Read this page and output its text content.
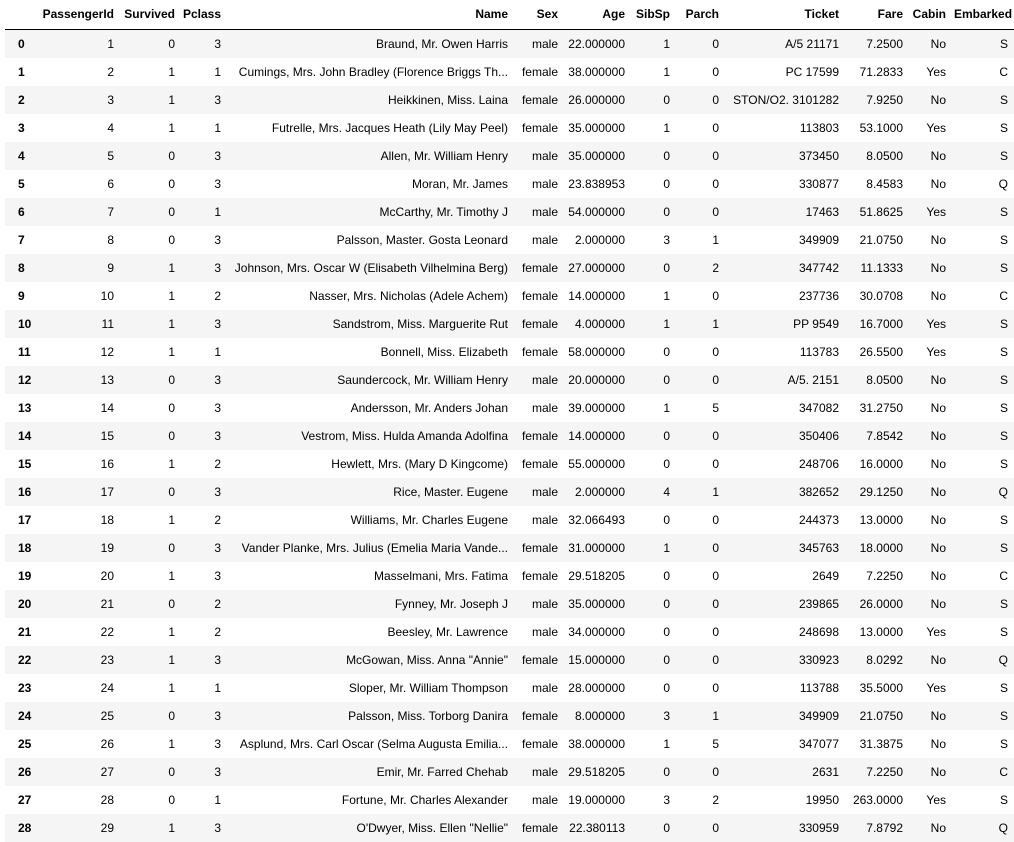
	PassengerId	Survived	Pclass	Name	Sex	Age	SibSp	Parch	Ticket	Fare	Cabin	Embarked
0	1	0	3	Braund, Mr. Owen Harris	male	22.000000	1	0	A/5 21171	7.2500	No	S
1	2	1	1	Cumings, Mrs. John Bradley (Florence Briggs Th...	female	38.000000	1	0	PC 17599	71.2833	Yes	C
2	3	1	3	Heikkinen, Miss. Laina	female	26.000000	0	0	STON/O2. 3101282	7.9250	No	S
3	4	1	1	Futrelle, Mrs. Jacques Heath (Lily May Peel)	female	35.000000	1	0	113803	53.1000	Yes	S
4	5	0	3	Allen, Mr. William Henry	male	35.000000	0	0	373450	8.0500	No	S
5	6	0	3	Moran, Mr. James	male	23.838953	0	0	330877	8.4583	No	Q
6	7	0	1	McCarthy, Mr. Timothy J	male	54.000000	0	0	17463	51.8625	Yes	S
7	8	0	3	Palsson, Master. Gosta Leonard	male	2.000000	3	1	349909	21.0750	No	S
8	9	1	3	Johnson, Mrs. Oscar W (Elisabeth Vilhelmina Berg)	female	27.000000	0	2	347742	11.1333	No	S
9	10	1	2	Nasser, Mrs. Nicholas (Adele Achem)	female	14.000000	1	0	237736	30.0708	No	C
10	11	1	3	Sandstrom, Miss. Marguerite Rut	female	4.000000	1	1	PP 9549	16.7000	Yes	S
11	12	1	1	Bonnell, Miss. Elizabeth	female	58.000000	0	0	113783	26.5500	Yes	S
12	13	0	3	Saundercock, Mr. William Henry	male	20.000000	0	0	A/5. 2151	8.0500	No	S
13	14	0	3	Andersson, Mr. Anders Johan	male	39.000000	1	5	347082	31.2750	No	S
14	15	0	3	Vestrom, Miss. Hulda Amanda Adolfina	female	14.000000	0	0	350406	7.8542	No	S
15	16	1	2	Hewlett, Mrs. (Mary D Kingcome)	female	55.000000	0	0	248706	16.0000	No	S
16	17	0	3	Rice, Master. Eugene	male	2.000000	4	1	382652	29.1250	No	Q
17	18	1	2	Williams, Mr. Charles Eugene	male	32.066493	0	0	244373	13.0000	No	S
18	19	0	3	Vander Planke, Mrs. Julius (Emelia Maria Vande...	female	31.000000	1	0	345763	18.0000	No	S
19	20	1	3	Masselmani, Mrs. Fatima	female	29.518205	0	0	2649	7.2250	No	C
20	21	0	2	Fynney, Mr. Joseph J	male	35.000000	0	0	239865	26.0000	No	S
21	22	1	2	Beesley, Mr. Lawrence	male	34.000000	0	0	248698	13.0000	Yes	S
22	23	1	3	McGowan, Miss. Anna "Annie"	female	15.000000	0	0	330923	8.0292	No	Q
23	24	1	1	Sloper, Mr. William Thompson	male	28.000000	0	0	113788	35.5000	Yes	S
24	25	0	3	Palsson, Miss. Torborg Danira	female	8.000000	3	1	349909	21.0750	No	S
25	26	1	3	Asplund, Mrs. Carl Oscar (Selma Augusta Emilia...	female	38.000000	1	5	347077	31.3875	No	S
26	27	0	3	Emir, Mr. Farred Chehab	male	29.518205	0	0	2631	7.2250	No	C
27	28	0	1	Fortune, Mr. Charles Alexander	male	19.000000	3	2	19950	263.0000	Yes	S
28	29	1	3	O'Dwyer, Miss. Ellen "Nellie"	female	22.380113	0	0	330959	7.8792	No	Q
